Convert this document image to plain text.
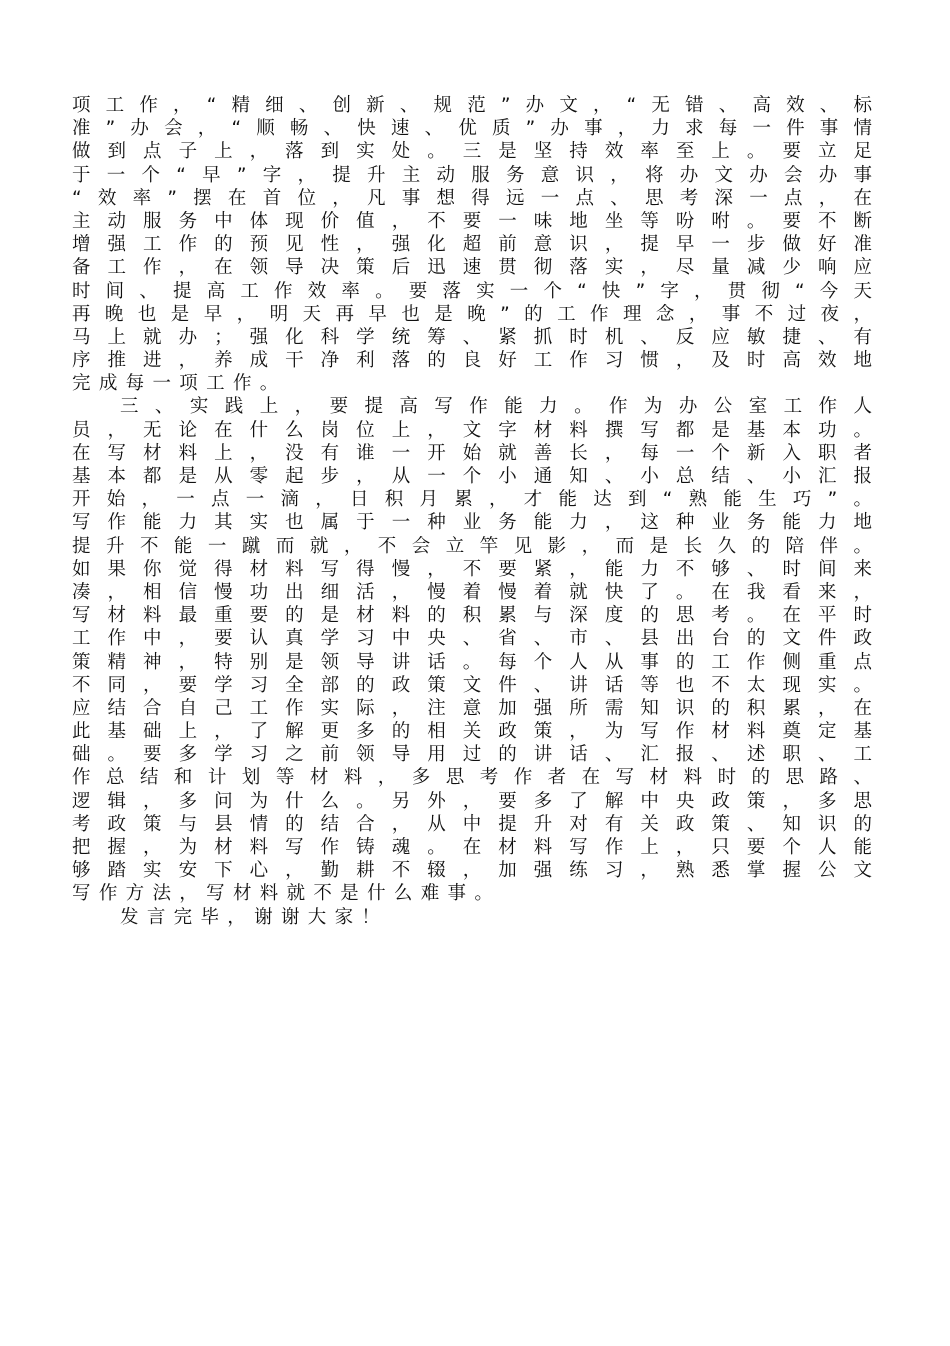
项工作，“精细、创新、规范”办文，“无错、高效、标
准”办会，“顺畅、快速、优质”办事，力求每一件事情
做到点子上，落到实处。三是坚持效率至上。要立足
于一个“早”字，提升主动服务意识，将办文办会办事
“效率”摆在首位，凡事想得远一点、思考深一点，在
主动服务中体现价值，不要一味地坐等吩咐。要不断
增强工作的预见性，强化超前意识，提早一步做好准
备工作，在领导决策后迅速贯彻落实，尽量减少响应
时间、提高工作效率。要落实一个“快”字，贯彻“今天
再晚也是早，明天再早也是晚”的工作理念，事不过夜，
马上就办；强化科学统筹、紧抓时机、反应敏捷、有
序推进，养成干净利落的良好工作习惯，及时高效地
完成每一项工作。
三、实践上，要提高写作能力。作为办公室工作人
员，无论在什么岗位上，文字材料撰写都是基本功。
在写材料上，没有谁一开始就善长，每一个新入职者
基本都是从零起步，从一个小通知、小总结、小汇报
开始，一点一滴，日积月累，才能达到“熟能生巧”。
写作能力其实也属于一种业务能力，这种业务能力地
提升不能一蹴而就，不会立竿见影，而是长久的陪伴。
如果你觉得材料写得慢，不要紧，能力不够、时间来
凑，相信慢功出细活，慢着慢着就快了。在我看来，
写材料最重要的是材料的积累与深度的思考。在平时
工作中，要认真学习中央、省、市、县出台的文件政
策精神，特别是领导讲话。每个人从事的工作侧重点
不同，要学习全部的政策文件、讲话等也不太现实。
应结合自己工作实际，注意加强所需知识的积累，在
此基础上，了解更多的相关政策，为写作材料奠定基
础。要多学习之前领导用过的讲话、汇报、述职、工
作总结和计划等材料，多思考作者在写材料时的思路、
逻辑，多问为什么。另外，要多了解中央政策，多思
考政策与县情的结合，从中提升对有关政策、知识的
把握，为材料写作铸魂。在材料写作上，只要个人能
够踏实安下心，勤耕不辍，加强练习，熟悉掌握公文
写作方法，写材料就不是什么难事。
发言完毕，谢谢大家！
